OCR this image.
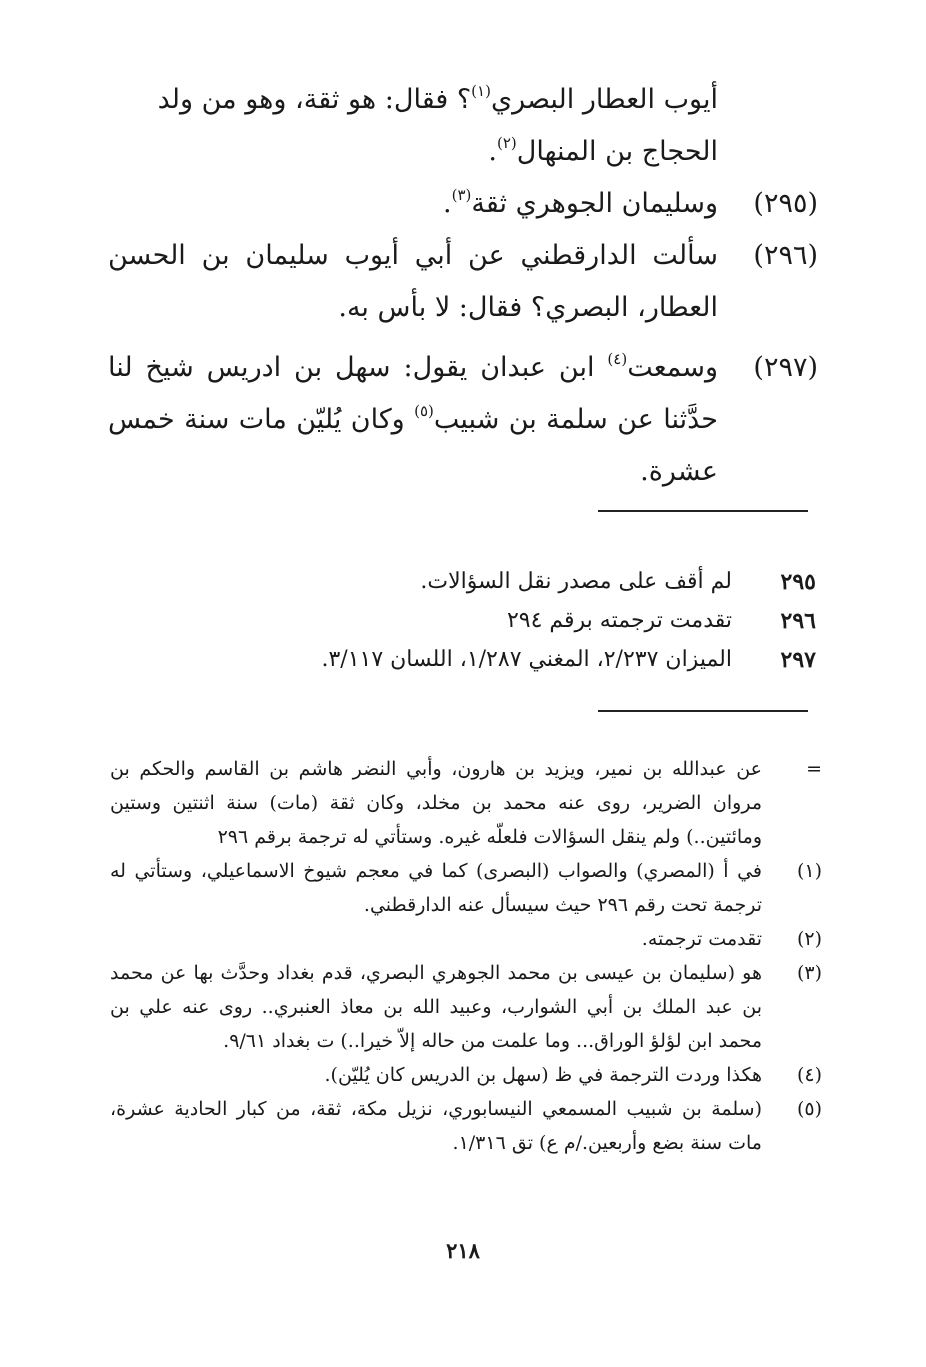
أيوب العطار البصري$^{(١)}$؟ فقال: هو ثقة، وهو من ولد الحجاج بن المنهال$^{(٢)}$.
(٢٩٥)
وسليمان الجوهري ثقة$^{(٣)}$.
(٢٩٦)
سألت الدارقطني عن أبي أيوب سليمان بن الحسن العطار، البصري؟ فقال: لا بأس به.
(٢٩٧)
وسمعت$^{(٤)}$ ابن عبدان يقول: سهل بن ادريس شيخ لنا حدَّثنا عن سلمة بن شبيب$^{(٥)}$ وكان يُليّن مات سنة خمس عشرة.
٢٩٥
لم أقف على مصدر نقل السؤالات.
٢٩٦
تقدمت ترجمته برقم ٢٩٤
٢٩٧
الميزان ٢/٢٣٧، المغني ١/٢٨٧، اللسان ٣/١١٧.
=
عن عبدالله بن نمير، ويزيد بن هارون، وأبي النضر هاشم بن القاسم والحكم بن مروان الضرير، روى عنه محمد بن مخلد، وكان ثقة (مات) سنة اثنتين وستين ومائتين..) ولم ينقل السؤالات فلعلّه غيره. وستأتي له ترجمة برقم ٢٩٦
(١)
في أ (المصري) والصواب (البصرى) كما في معجم شيوخ الاسماعيلي، وستأتي له ترجمة تحت رقم ٢٩٦ حيث سيسأل عنه الدارقطني.
(٢)
تقدمت ترجمته.
(٣)
هو (سليمان بن عيسى بن محمد الجوهري البصري، قدم بغداد وحدَّث بها عن محمد بن عبد الملك بن أبي الشوارب، وعبيد الله بن معاذ العنبري.. روى عنه علي بن محمد ابن لؤلؤ الوراق... وما علمت من حاله إلاّ خيرا..) ت بغداد ٩/٦١.
(٤)
هكذا وردت الترجمة في ظ (سهل بن الدريس كان يُليّن).
(٥)
(سلمة بن شبيب المسمعي النيسابوري، نزيل مكة، ثقة، من كبار الحادية عشرة، مات سنة بضع وأربعين./م ع) تق ١/٣١٦.
٢١٨
